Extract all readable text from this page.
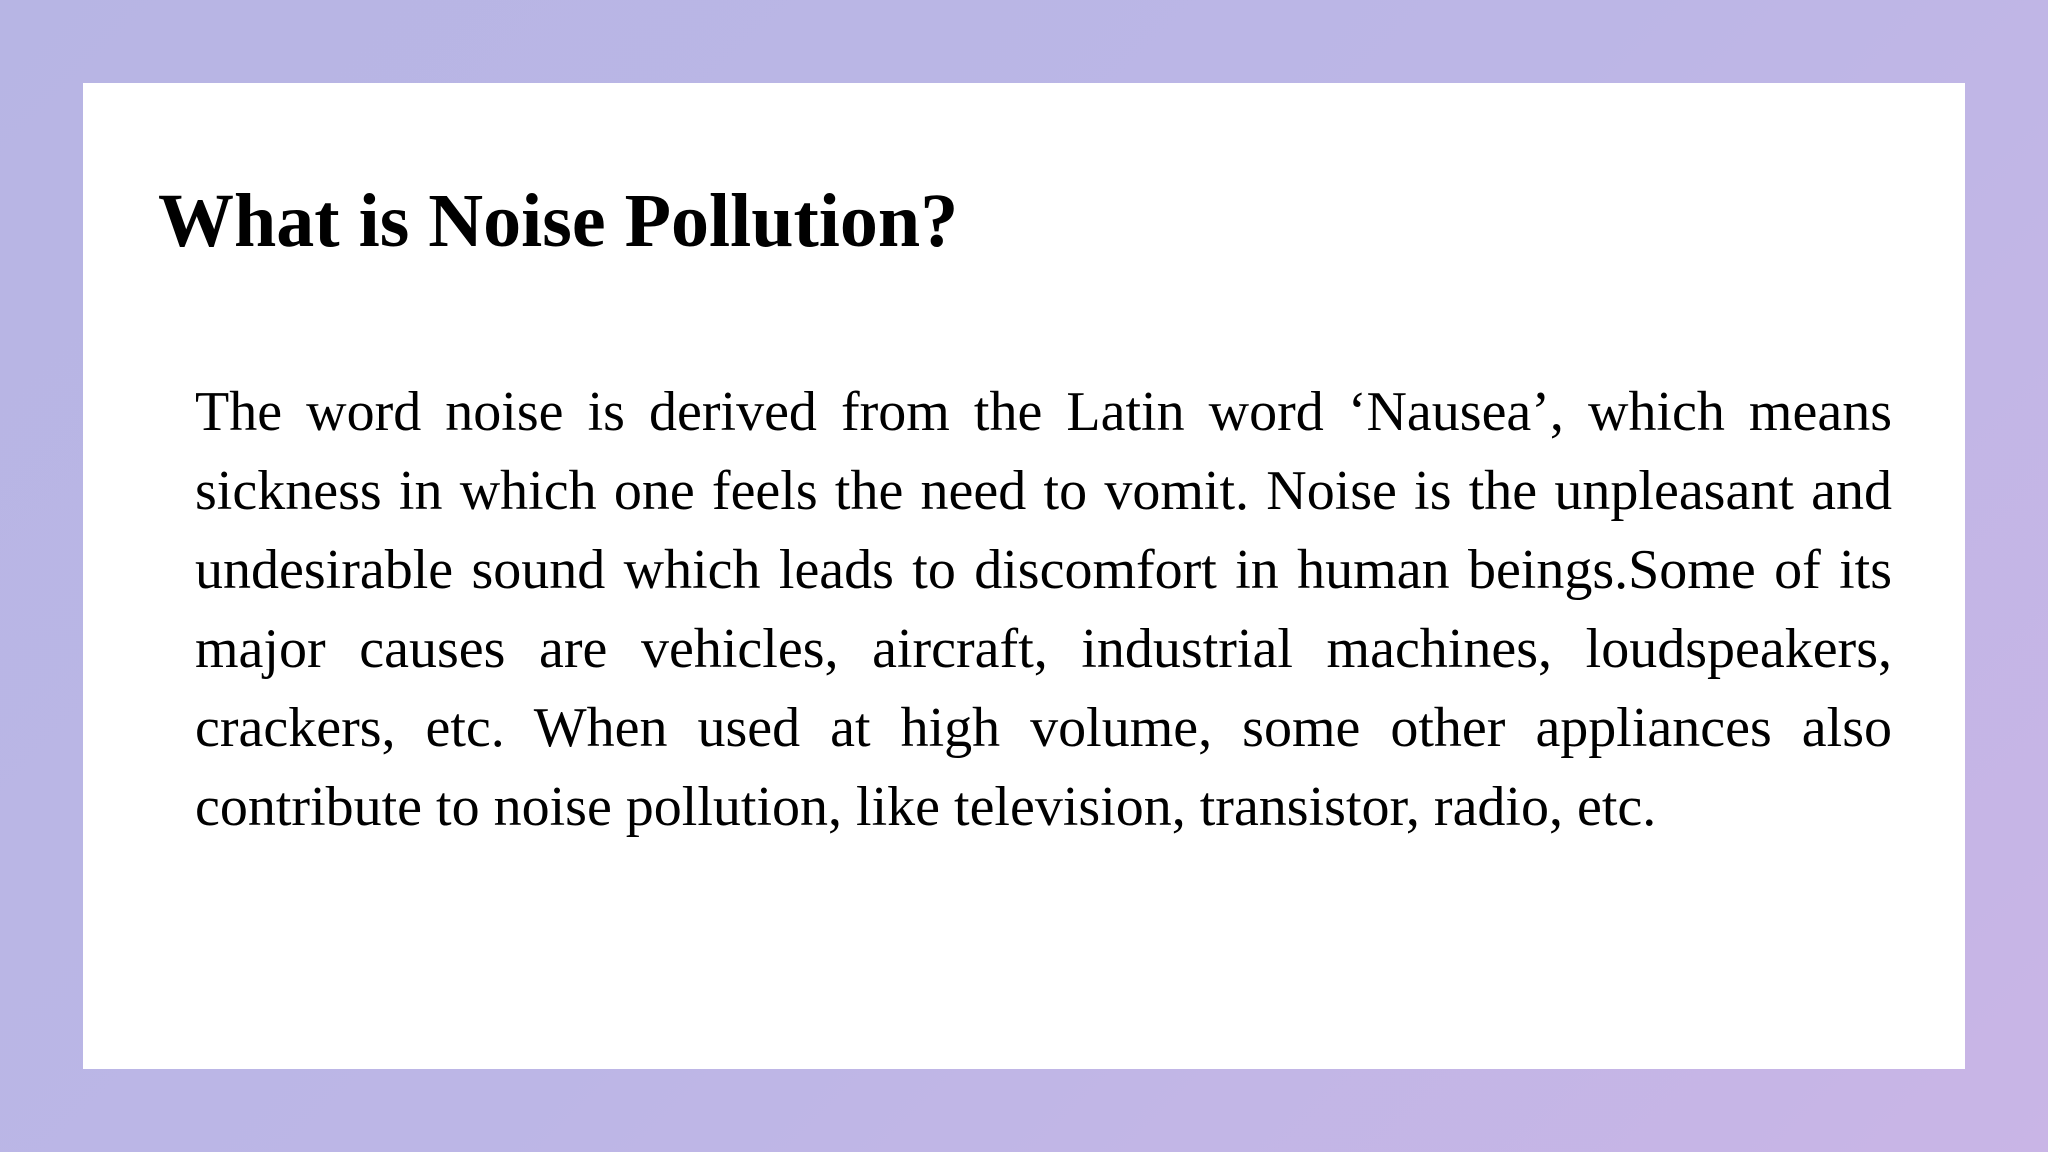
What is Noise Pollution?

The word noise is derived from the Latin word ‘Nausea’, which means sickness in which one feels the need to vomit. Noise is the unpleasant and undesirable sound which leads to discomfort in human beings.Some of its major causes are vehicles, aircraft, industrial machines, loudspeakers, crackers, etc. When used at high volume, some other appliances also contribute to noise pollution, like television, transistor, radio, etc.
